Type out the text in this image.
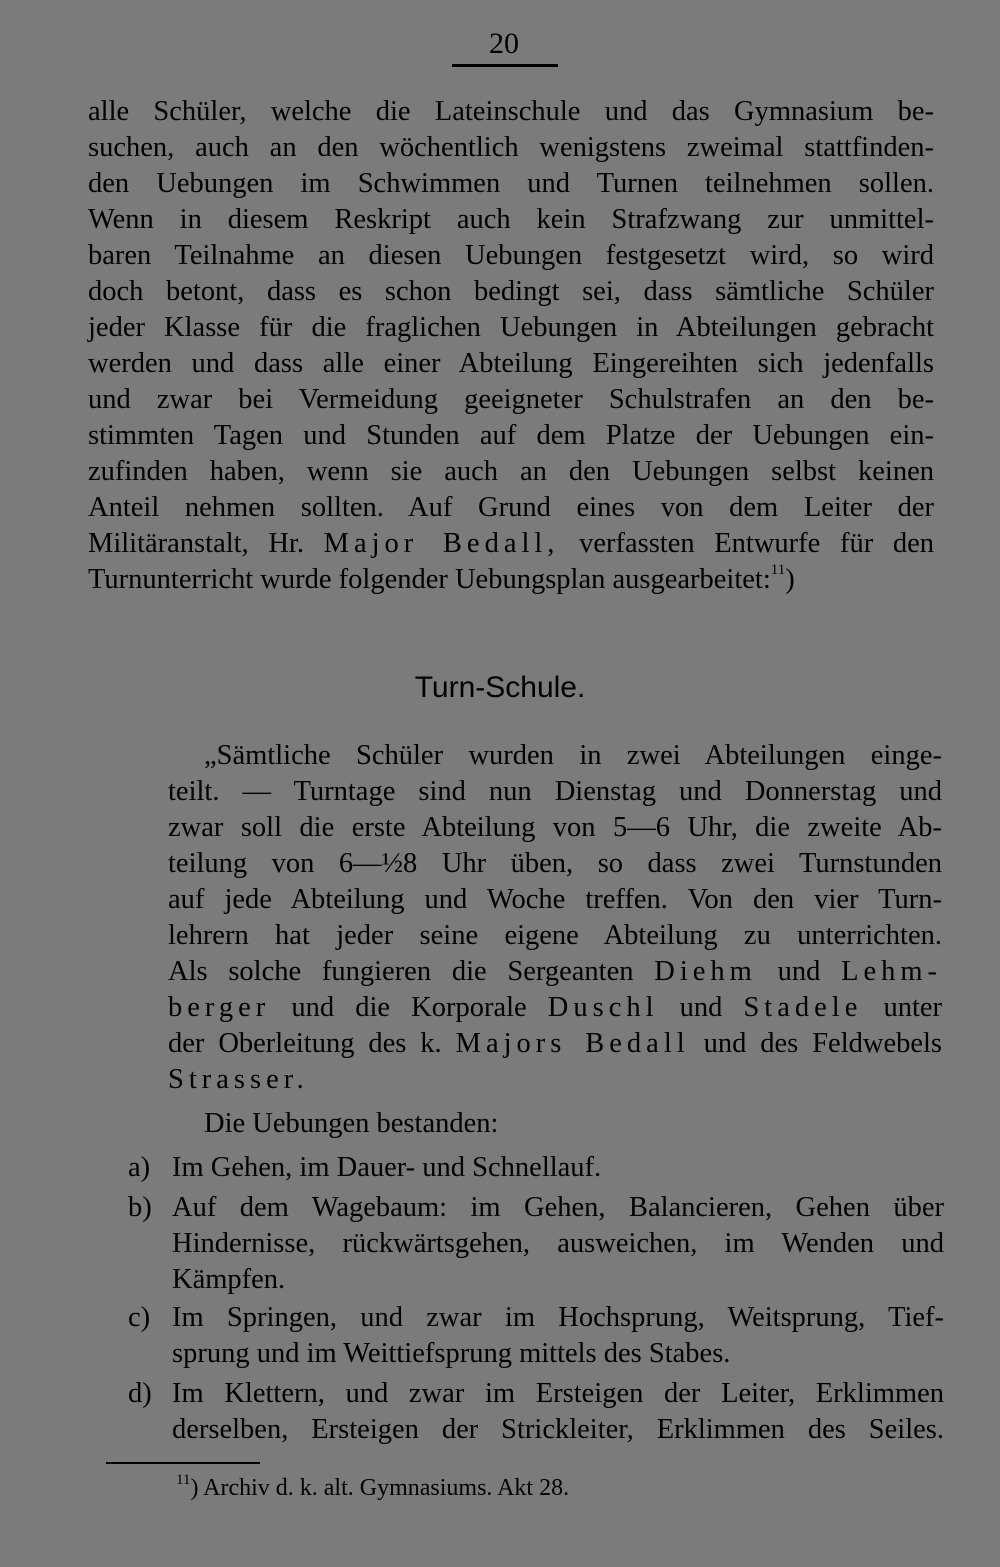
20
alle Schüler, welche die Lateinschule und das Gymnasium be-
suchen, auch an den wöchentlich wenigstens zweimal stattfinden-
den Uebungen im Schwimmen und Turnen teilnehmen sollen.
Wenn in diesem Reskript auch kein Strafzwang zur unmittel-
baren Teilnahme an diesen Uebungen festgesetzt wird, so wird
doch betont, dass es schon bedingt sei, dass sämtliche Schüler
jeder Klasse für die fraglichen Uebungen in Abteilungen gebracht
werden und dass alle einer Abteilung Eingereihten sich jedenfalls
und zwar bei Vermeidung geeigneter Schulstrafen an den be-
stimmten Tagen und Stunden auf dem Platze der Uebungen ein-
zufinden haben, wenn sie auch an den Uebungen selbst keinen
Anteil nehmen sollten. Auf Grund eines von dem Leiter der
Militäranstalt, Hr. Major Bedall, verfassten Entwurfe für den
Turnunterricht wurde folgender Uebungsplan ausgearbeitet:$^{11}$)
Turn-Schule.
„Sämtliche Schüler wurden in zwei Abteilungen einge-
teilt. — Turntage sind nun Dienstag und Donnerstag und
zwar soll die erste Abteilung von 5—6 Uhr, die zweite Ab-
teilung von 6—½8 Uhr üben, so dass zwei Turnstunden
auf jede Abteilung und Woche treffen. Von den vier Turn-
lehrern hat jeder seine eigene Abteilung zu unterrichten.
Als solche fungieren die Sergeanten Diehm und Lehm-
berger und die Korporale Duschl und Stadele unter
der Oberleitung des k. Majors Bedall und des Feldwebels
Strasser.
Die Uebungen bestanden:
a) Im Gehen, im Dauer- und Schnellauf.
b) Auf dem Wagebaum: im Gehen, Balancieren, Gehen über
Hindernisse, rückwärtsgehen, ausweichen, im Wenden und
Kämpfen.
c) Im Springen, und zwar im Hochsprung, Weitsprung, Tief-
sprung und im Weittiefsprung mittels des Stabes.
d) Im Klettern, und zwar im Ersteigen der Leiter, Erklimmen
derselben, Ersteigen der Strickleiter, Erklimmen des Seiles.
$^{11}$) Archiv d. k. alt. Gymnasiums. Akt 28.
